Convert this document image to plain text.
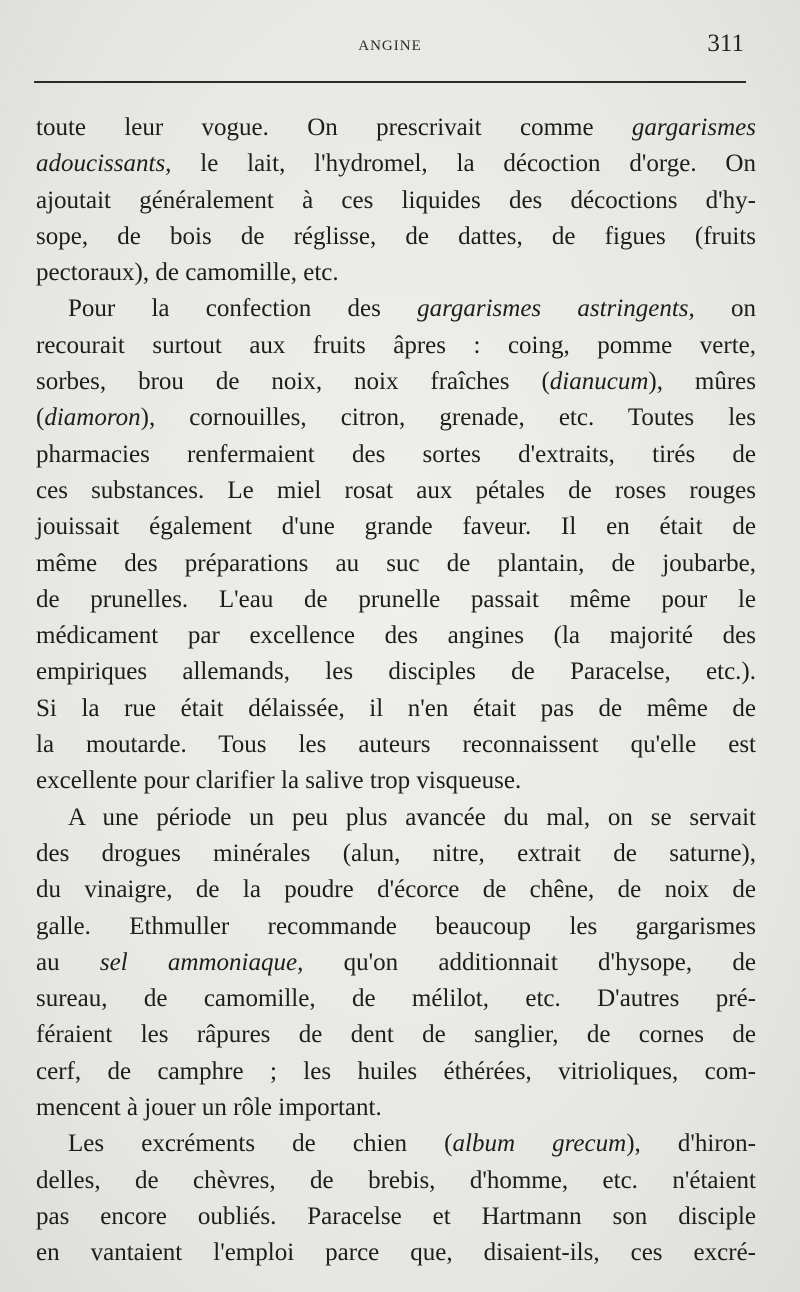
ANGINE	311
toute leur vogue. On prescrivait comme gargarismes
adoucissants, le lait, l'hydromel, la décoction d'orge. On
ajoutait généralement à ces liquides des décoctions d'hy-
sope, de bois de réglisse, de dattes, de figues (fruits
pectoraux), de camomille, etc.
Pour la confection des gargarismes astringents, on
recourait surtout aux fruits âpres : coing, pomme verte,
sorbes, brou de noix, noix fraîches (dianucum), mûres
(diamoron), cornouilles, citron, grenade, etc. Toutes les
pharmacies renfermaient des sortes d'extraits, tirés de
ces substances. Le miel rosat aux pétales de roses rouges
jouissait également d'une grande faveur. Il en était de
même des préparations au suc de plantain, de joubarbe,
de prunelles. L'eau de prunelle passait même pour le
médicament par excellence des angines (la majorité des
empiriques allemands, les disciples de Paracelse, etc.).
Si la rue était délaissée, il n'en était pas de même de
la moutarde. Tous les auteurs reconnaissent qu'elle est
excellente pour clarifier la salive trop visqueuse.
A une période un peu plus avancée du mal, on se servait
des drogues minérales (alun, nitre, extrait de saturne),
du vinaigre, de la poudre d'écorce de chêne, de noix de
galle. Ethmuller recommande beaucoup les gargarismes
au sel ammoniaque, qu'on additionnait d'hysope, de
sureau, de camomille, de mélilot, etc. D'autres pré-
féraient les râpures de dent de sanglier, de cornes de
cerf, de camphre ; les huiles éthérées, vitrioliques, com-
mencent à jouer un rôle important.
Les excréments de chien (album grecum), d'hiron-
delles, de chèvres, de brebis, d'homme, etc. n'étaient
pas encore oubliés. Paracelse et Hartmann son disciple
en vantaient l'emploi parce que, disaient-ils, ces excré-
